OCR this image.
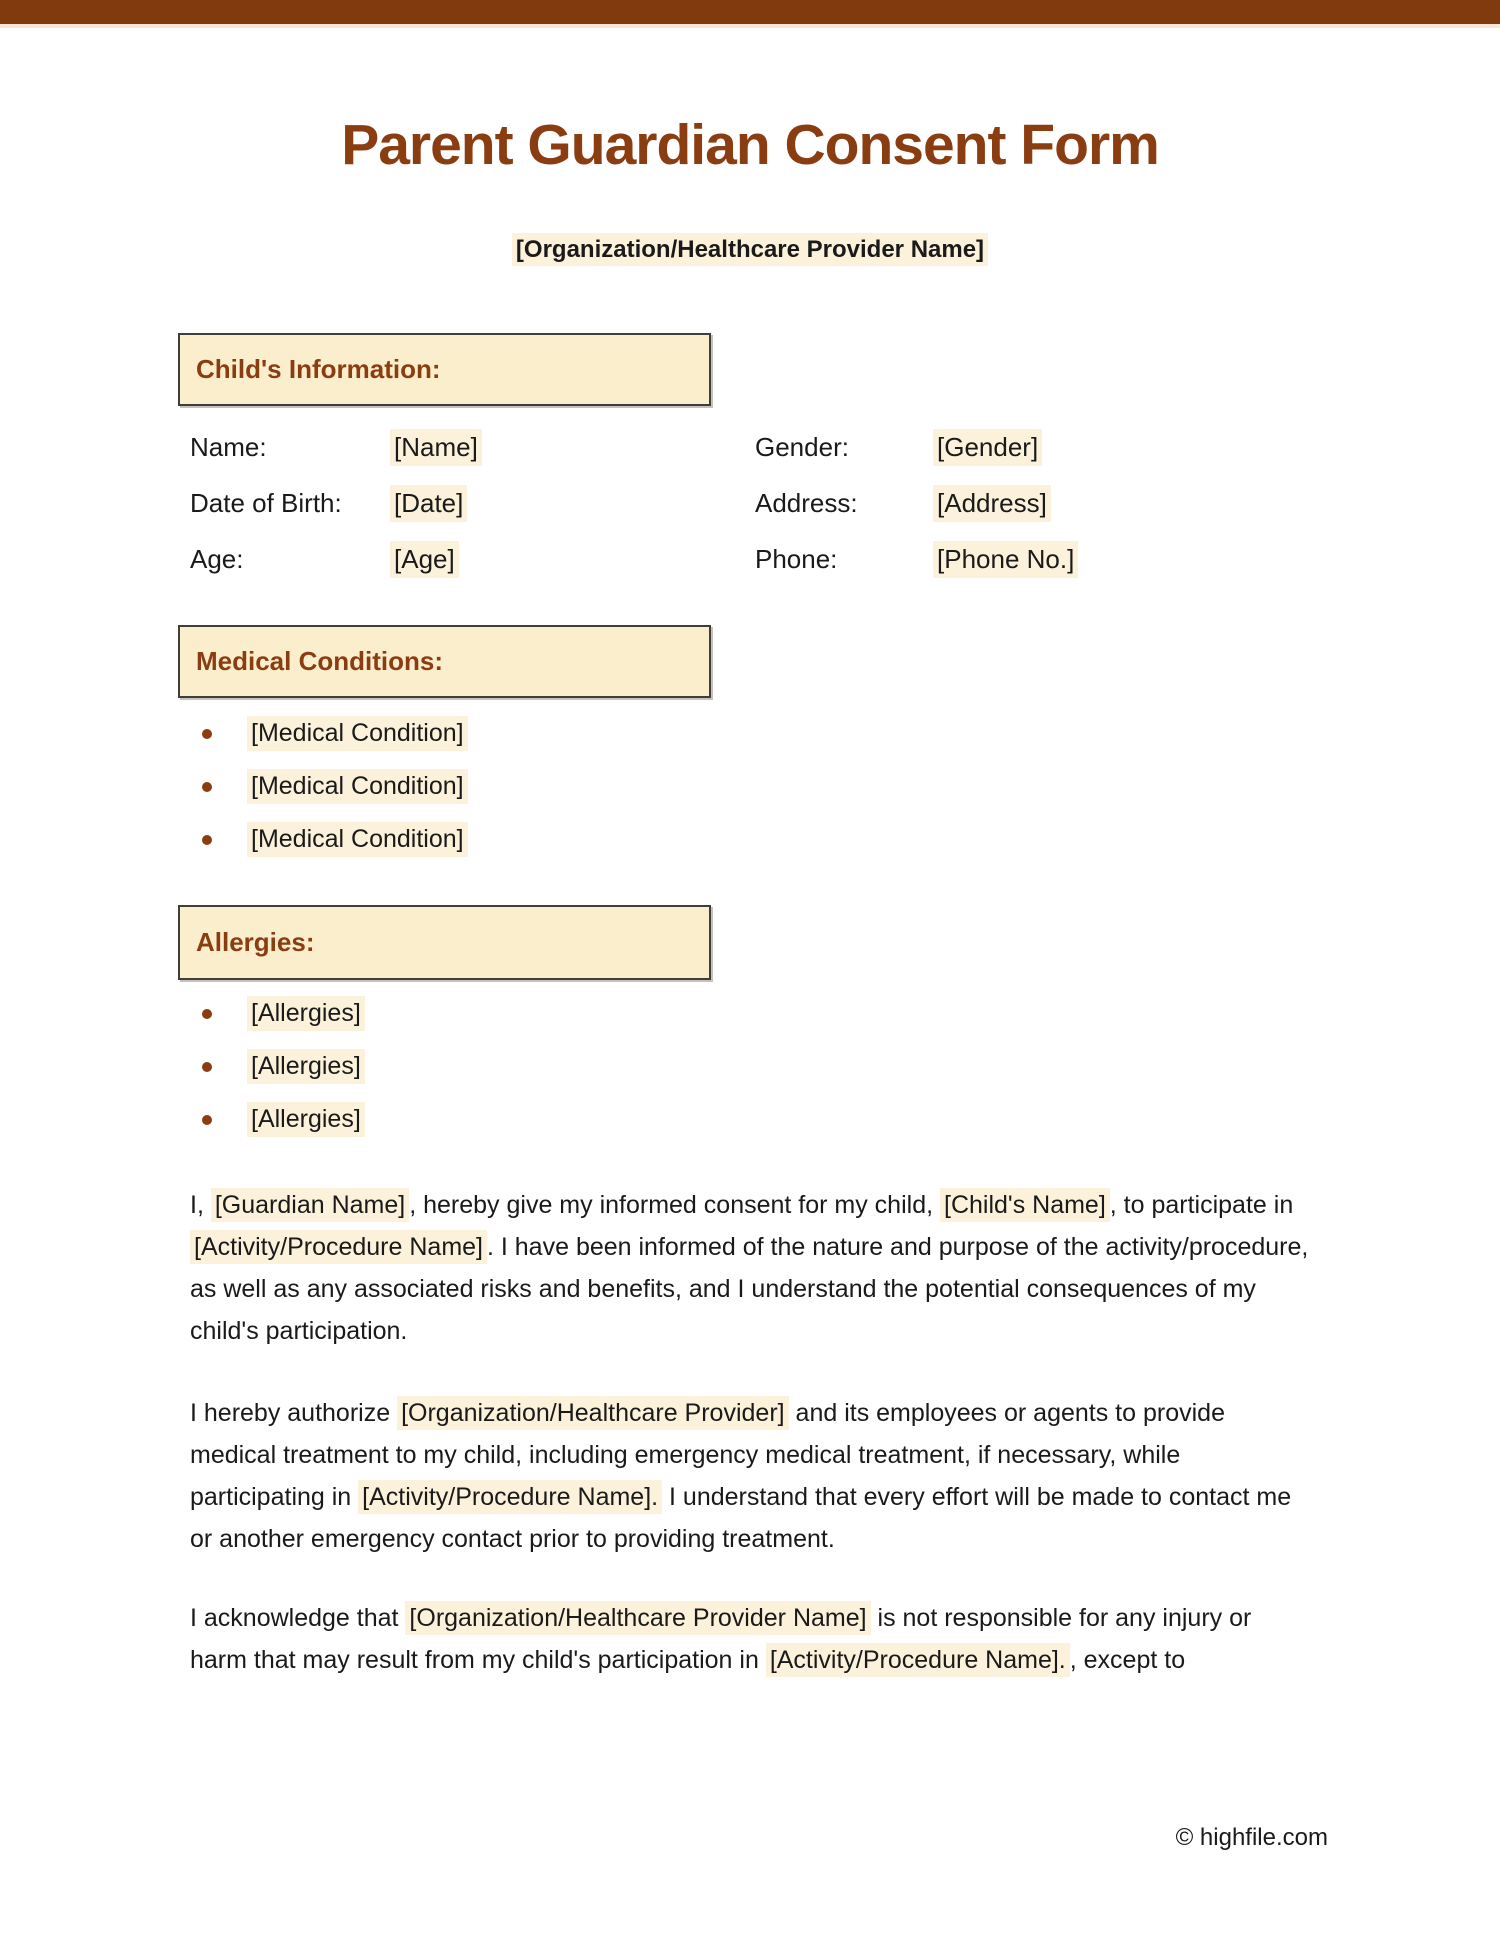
Parent Guardian Consent Form
[Organization/Healthcare Provider Name]
Child's Information:
Name:	[Name]	Gender:	[Gender]
Date of Birth: [Date]	Address:	[Address]
Age:	[Age]	Phone:	[Phone No.]
Medical Conditions:
[Medical Condition]
[Medical Condition]
[Medical Condition]
Allergies:
[Allergies]
[Allergies]
[Allergies]
I, [Guardian Name] , hereby give my informed consent for my child, [Child's Name] , to participate in [Activity/Procedure Name] . I have been informed of the nature and purpose of the activity/procedure, as well as any associated risks and benefits, and I understand the potential consequences of my child's participation.
I hereby authorize [Organization/Healthcare Provider] and its employees or agents to provide medical treatment to my child, including emergency medical treatment, if necessary, while participating in [Activity/Procedure Name]. I understand that every effort will be made to contact me or another emergency contact prior to providing treatment.
I acknowledge that [Organization/Healthcare Provider Name] is not responsible for any injury or harm that may result from my child's participation in [Activity/Procedure Name]. , except to
© highfile.com
